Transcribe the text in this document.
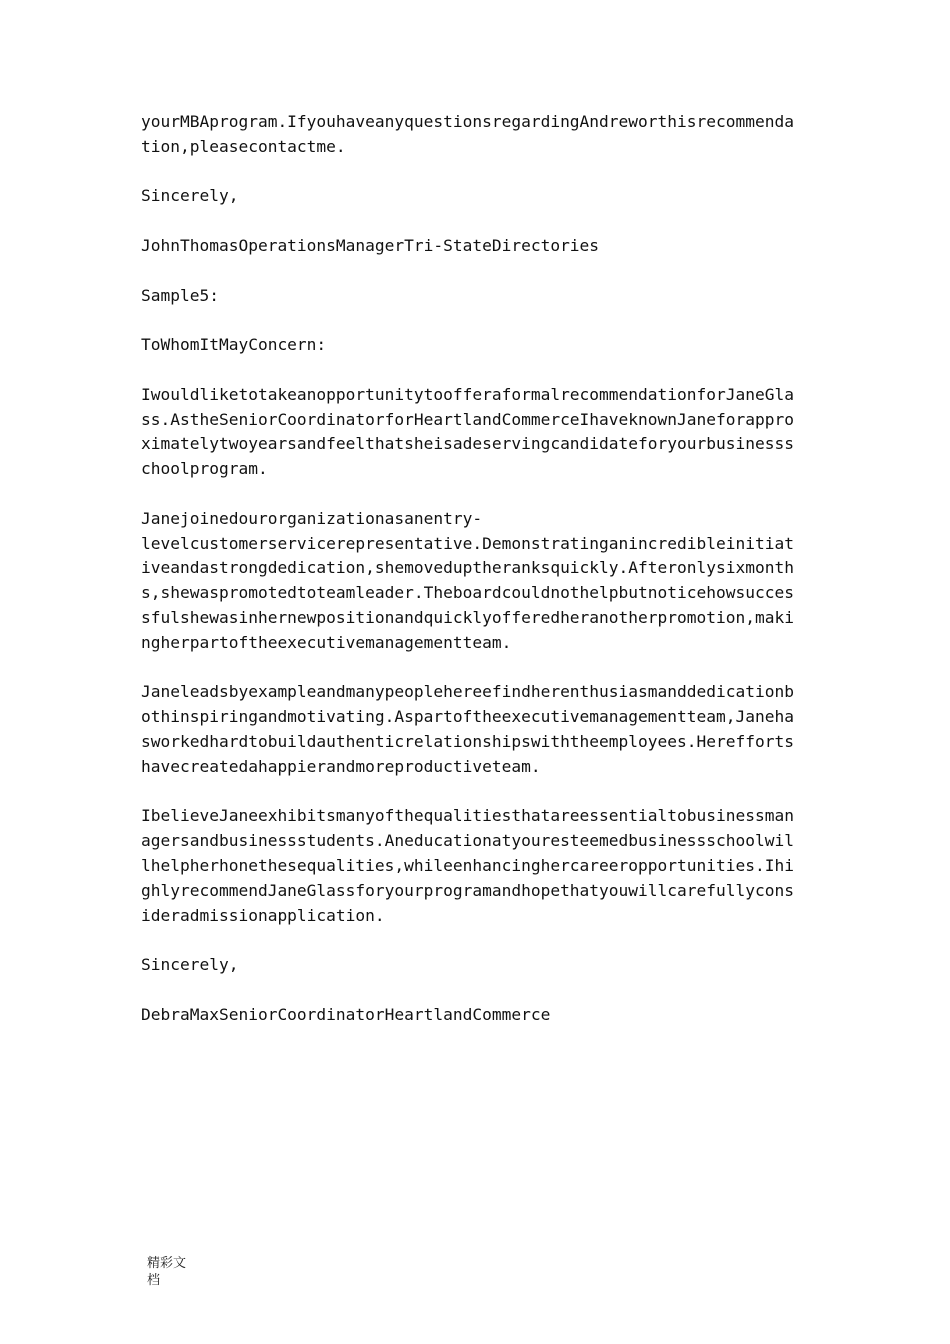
yourMBAprogram.IfyouhaveanyquestionsregardingAndreworthisrecommendation,pleasecontactme.

Sincerely,

JohnThomasOperationsManagerTri-StateDirectories

Sample5:

ToWhomItMayConcern:

IwouldliketotakeanopportunitytoofferaformalrecommendationforJaneGlass.AstheSeniorCoordinatorforHeartlandCommerceIhaveknownJaneforapproximatelytwoyearsandfeelthatsheisadeservingcandidateforyourbusinessschoolprogram.

Janejoinedourorganizationasanentry-

levelcustomerservicerepresentative.Demonstratinganincredibleinitiativeandastrongdedication,shemoveduptheranksquickly.Afteronlysixmonths,shewaspromotedtoteamleader.Theboardcouldnothelpbutnoticehowsuccessfulshewasinhernewpositionandquicklyofferedheranotherpromotion,makingherpartoftheexecutivemanagementteam.

Janeleadsbyexampleandmanypeoplehereefindherenthusiasmanddedicationbothinspiringandmotivating.Aspartoftheexecutivemanagementteam,Janehasworkedhardtobuildauthenticrelationshipswiththeemployees.Hereffortshavecreatedahappierandmoreproductiveteam.

IbelieveJaneexhibitsmanyofthequalitiesthatareessentialtobusinessmanagersandbusinessstudents.Aneducationatyouresteemedbusinessschoolwillhelpherhonethesequalities,whileenhancinghercareeropportunities.IhighlyrecommendJaneGlassforyourprogramandhopethatyouwillcarefullyconsideradmissionapplication.

Sincerely,

DebraMaxSeniorCoordinatorHeartlandCommerce

精彩文
档
